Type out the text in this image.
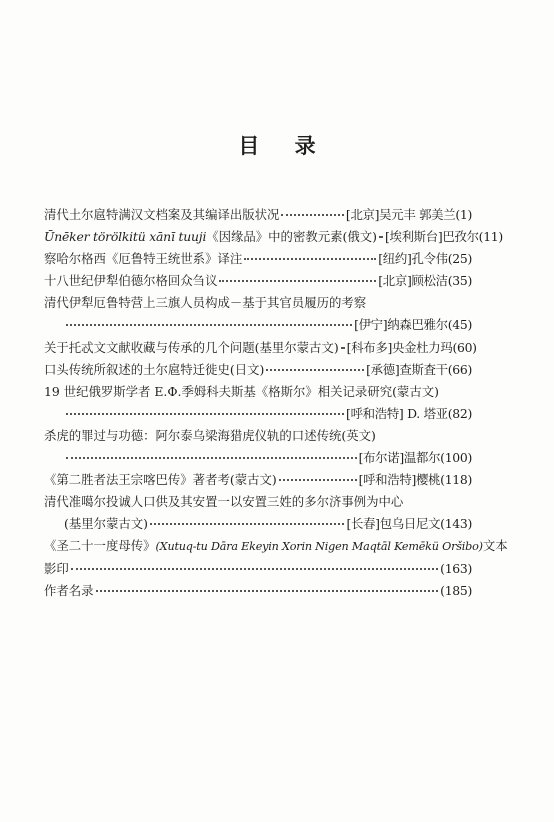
目 录
清代土尔扈特满汉文档案及其编译出版状况	[北京]吴元丰 郭美兰(1)
Ūnēker törölkitü xānī tuuji 《因缘品》中的密教元素(俄文) [埃利斯台]巴孜尔(11)
察哈尔格西《厄鲁特王统世系》译注	[纽约]孔令伟(25)
十八世纪伊犁伯德尔格回众刍议	[北京]顾松洁(35)
清代伊犁厄鲁特营上三旗人员构成－基于其官员履历的考察
[伊宁]纳森巴雅尔(45)
关于托忒文文献收藏与传承的几个问题(基里尔蒙古文) [科布多]央金杜力玛(60)
口头传统所叙述的土尔扈特迁徙史(日文)	[承德]查斯査干(66)
19 世纪俄罗斯学者 E.Φ.季姆科夫斯基《格斯尔》相关记录研究(蒙古文)
[呼和浩特] D. 塔亚(82)
杀虎的罪过与功德：阿尔泰乌梁海猎虎仪轨的口述传统(英文)
[布尔诺]温都尔(100)
《第二胜者法王宗喀巴传》著者考(蒙古文)	[呼和浩特]樱桃(118)
清代准噶尔投诚人口供及其安置一以安置三姓的多尔济事例为中心
(基里尔蒙古文)	[长春]包乌日尼文(143)
《圣二十一度母传》 (Xutuq-tu Dāra Ekeyin Xorin Nigen Maqtāl Kemēkü Oršibo) 文本
影印	(163)
作者名录	(185)
